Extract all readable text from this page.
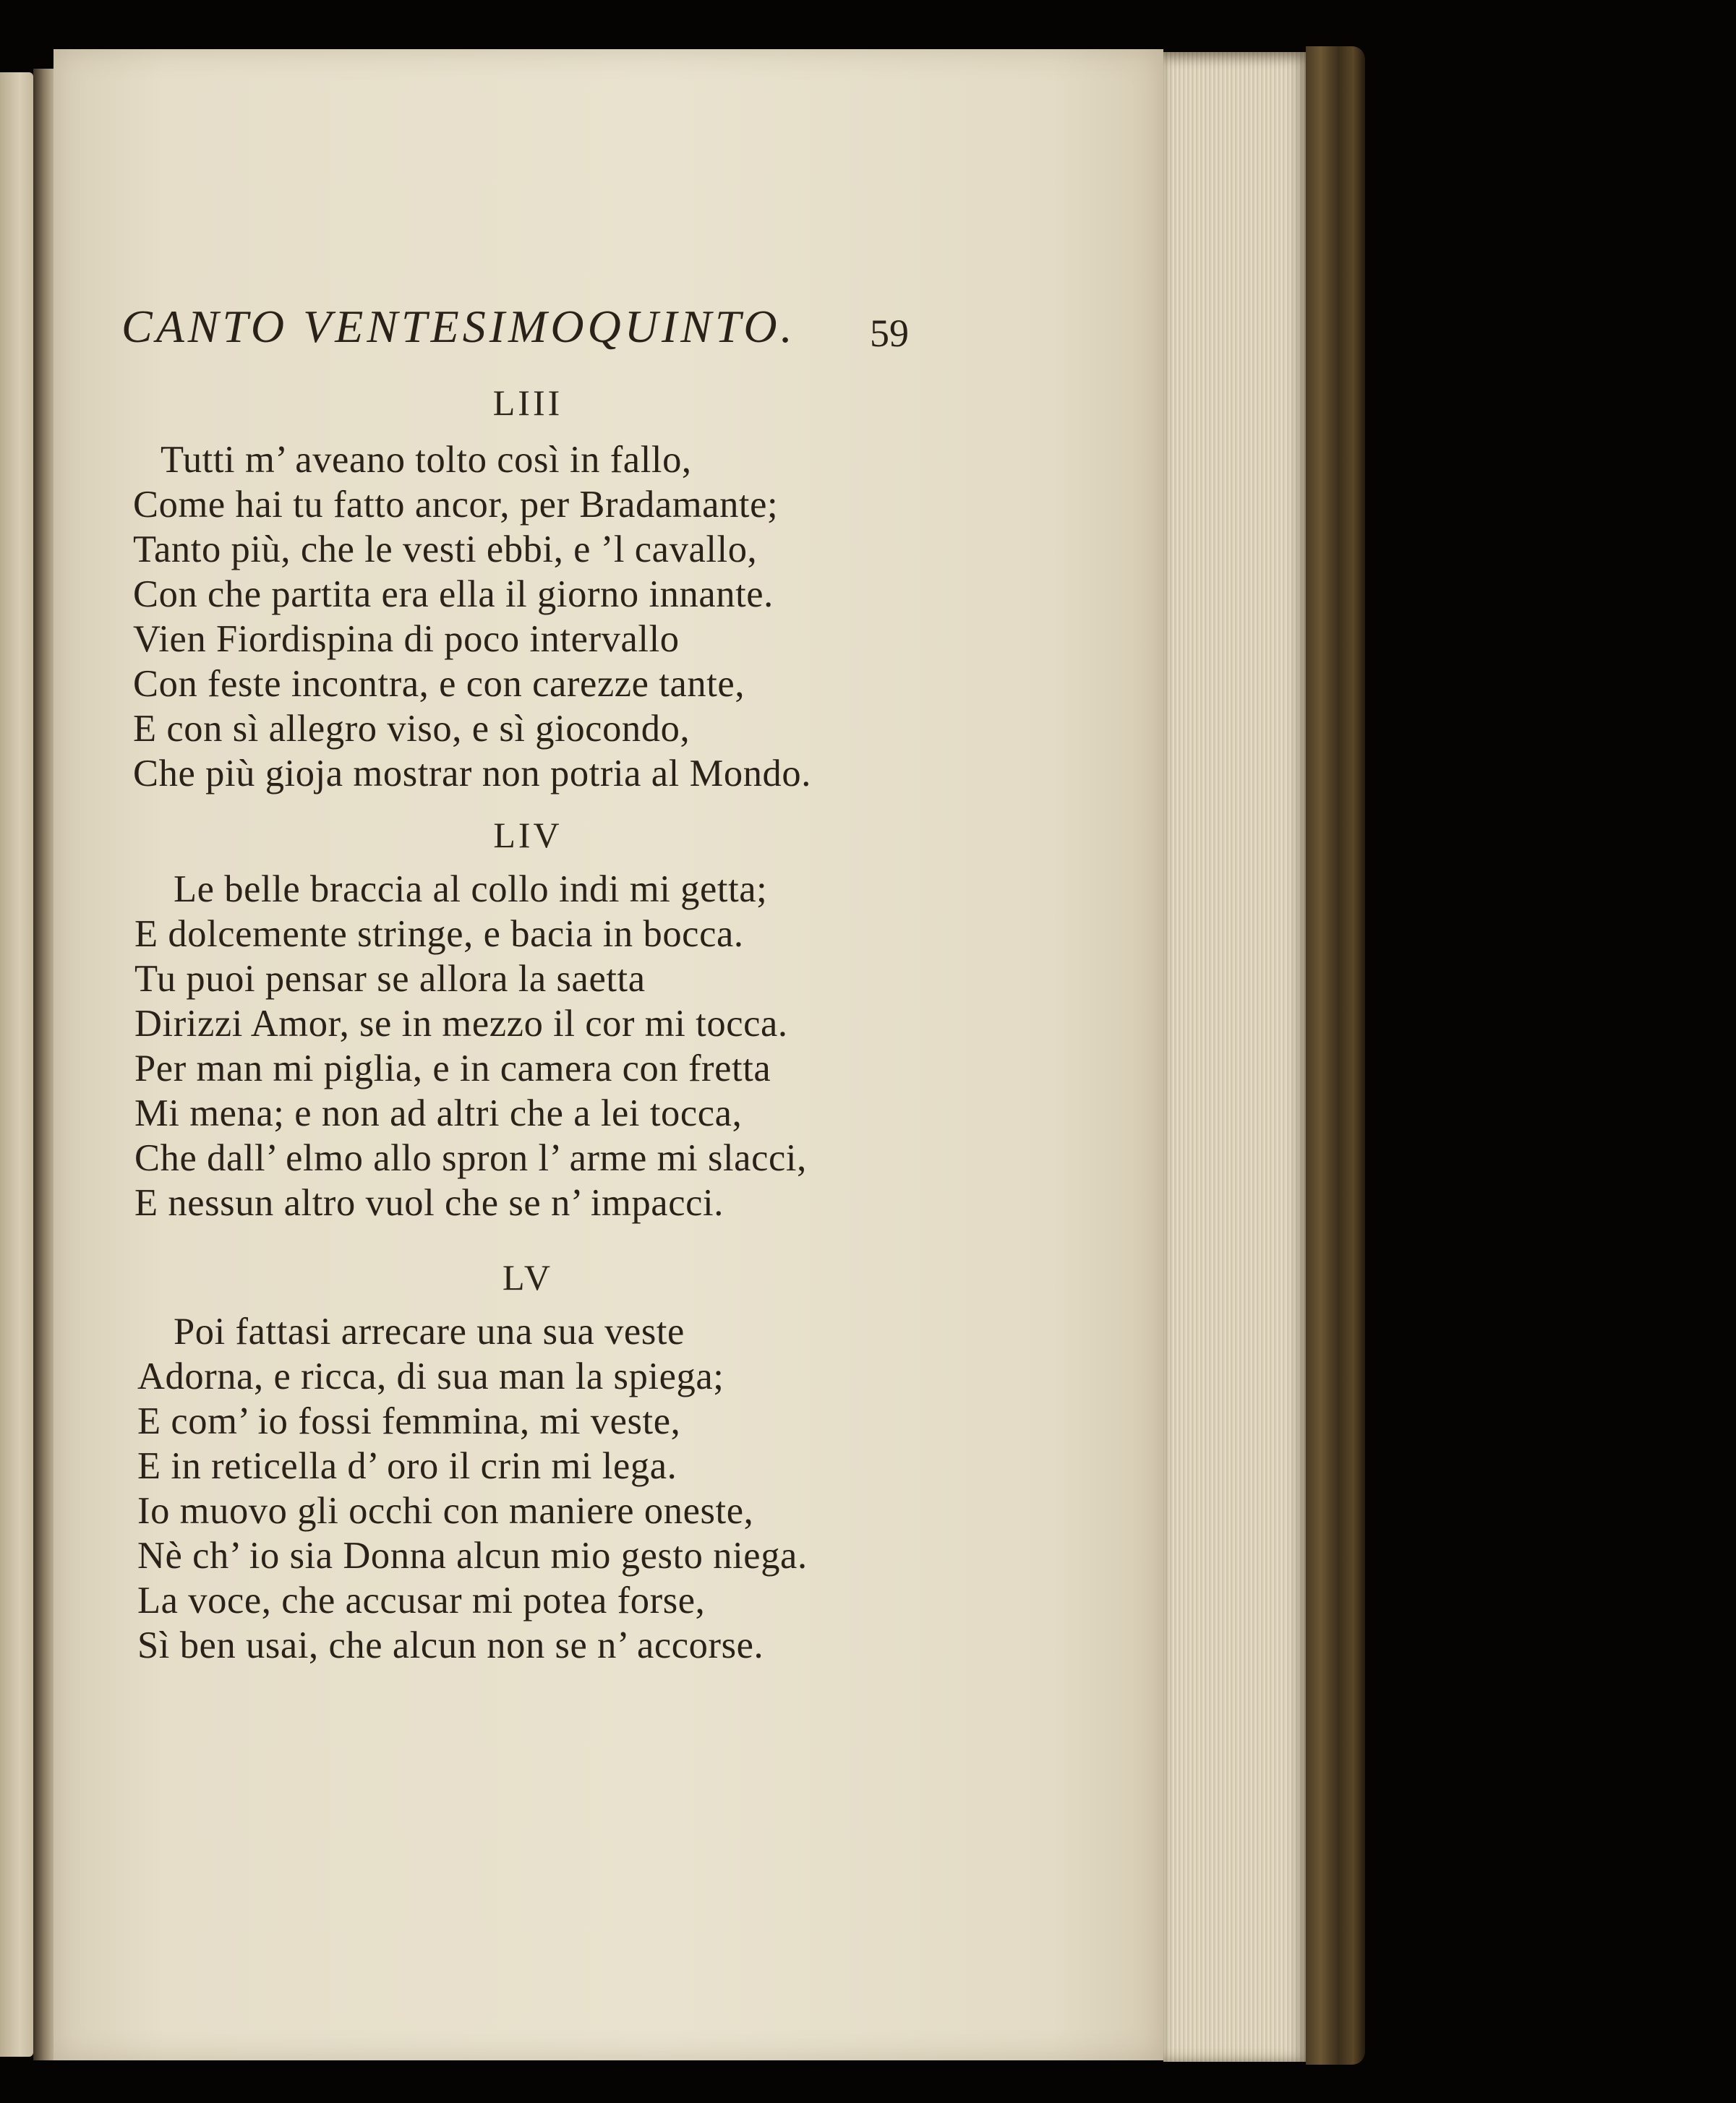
CANTO VENTESIMOQUINTO. 59
LIII
Tutti m’ aveano tolto così in fallo,
Come hai tu fatto ancor, per Bradamante;
Tanto più, che le vesti ebbi, e ’l cavallo,
Con che partita era ella il giorno innante.
Vien Fiordispina di poco intervallo
Con feste incontra, e con carezze tante,
E con sì allegro viso, e sì giocondo,
Che più gioja mostrar non potria al Mondo.
LIV
Le belle braccia al collo indi mi getta;
E dolcemente stringe, e bacia in bocca.
Tu puoi pensar se allora la saetta
Dirizzi Amor, se in mezzo il cor mi tocca.
Per man mi piglia, e in camera con fretta
Mi mena; e non ad altri che a lei tocca,
Che dall’ elmo allo spron l’ arme mi slacci,
E nessun altro vuol che se n’ impacci.
LV
Poi fattasi arrecare una sua veste
Adorna, e ricca, di sua man la spiega;
E com’ io fossi femmina, mi veste,
E in reticella d’ oro il crin mi lega.
Io muovo gli occhi con maniere oneste,
Nè ch’ io sia Donna alcun mio gesto niega.
La voce, che accusar mi potea forse,
Sì ben usai, che alcun non se n’ accorse.
